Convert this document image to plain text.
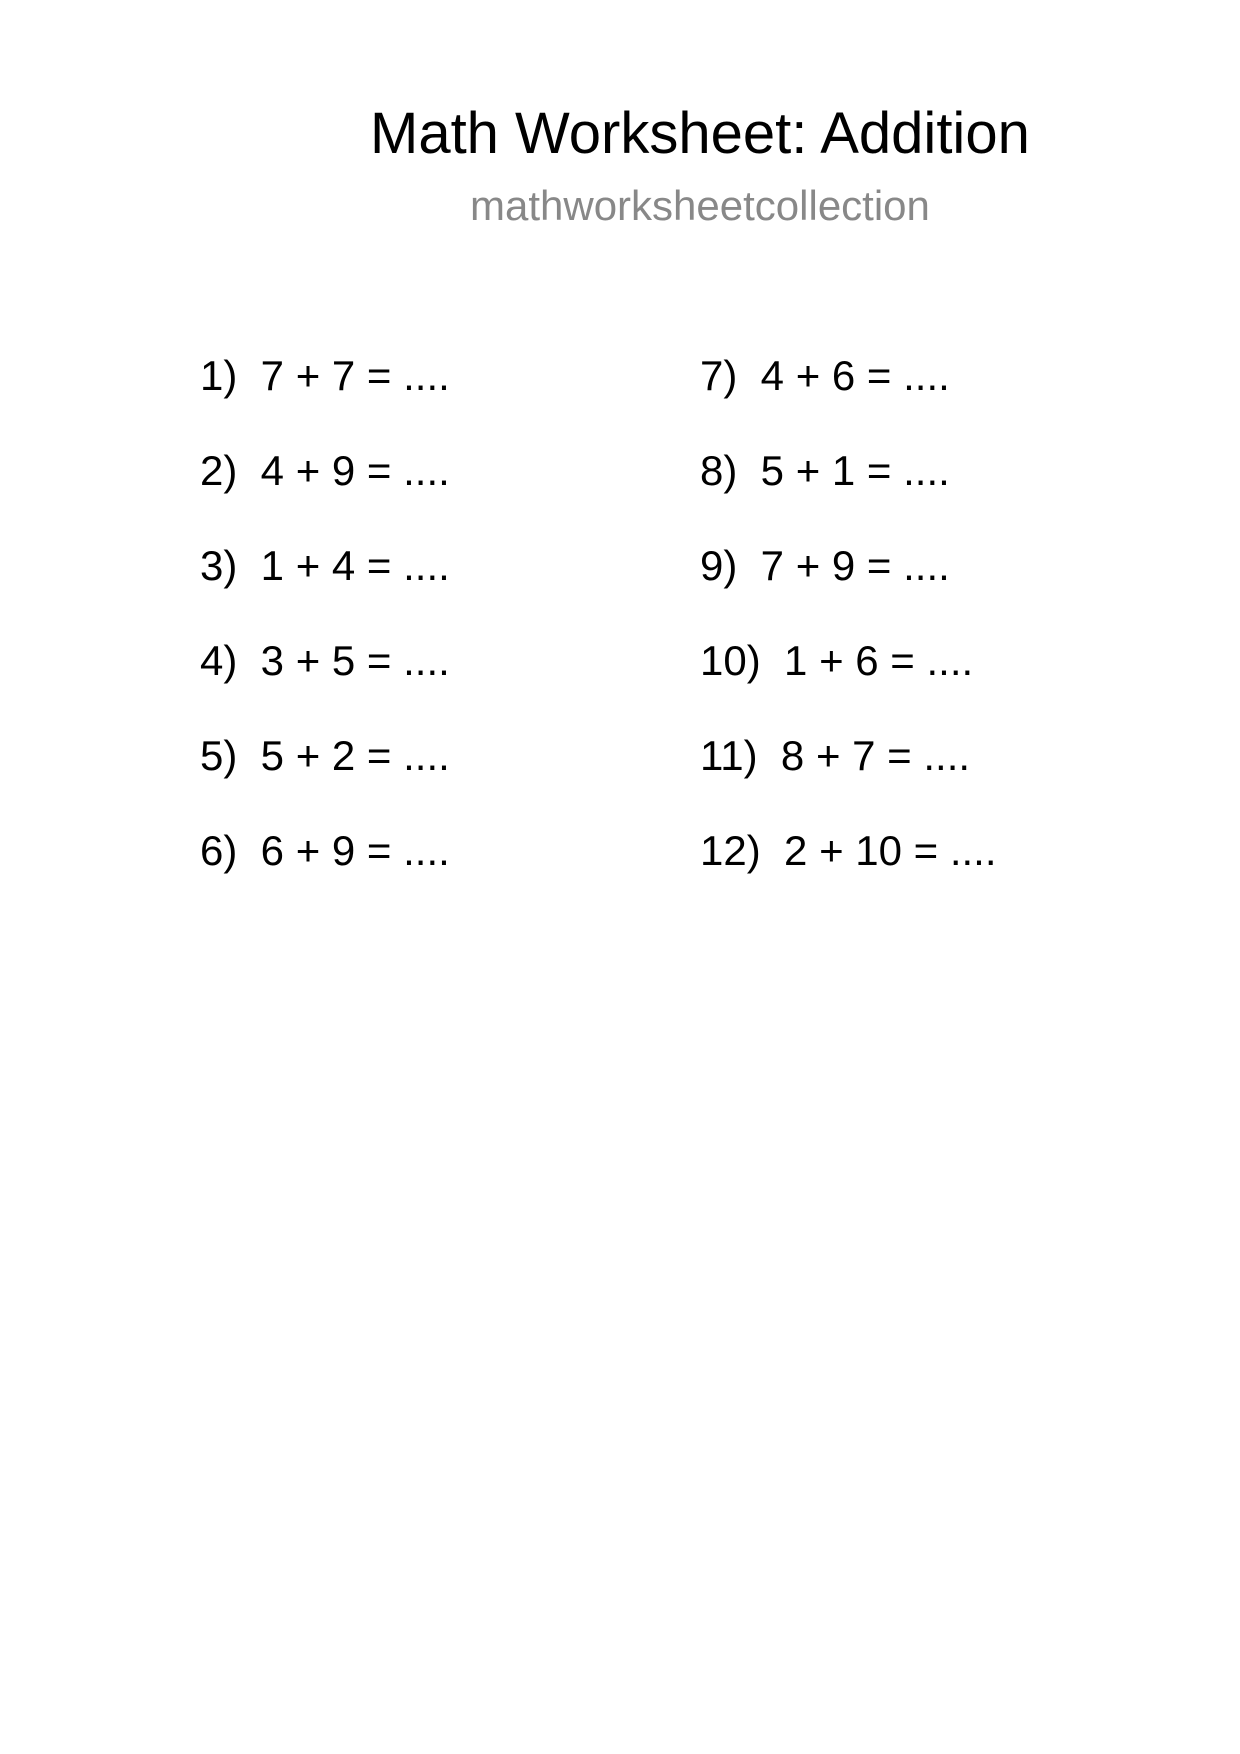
Math Worksheet: Addition
mathworksheetcollection
1)  7 + 7 = ....
2)  4 + 9 = ....
3)  1 + 4 = ....
4)  3 + 5 = ....
5)  5 + 2 = ....
6)  6 + 9 = ....
7)  4 + 6 = ....
8)  5 + 1 = ....
9)  7 + 9 = ....
10)  1 + 6 = ....
11)  8 + 7 = ....
12)  2 + 10 = ....
